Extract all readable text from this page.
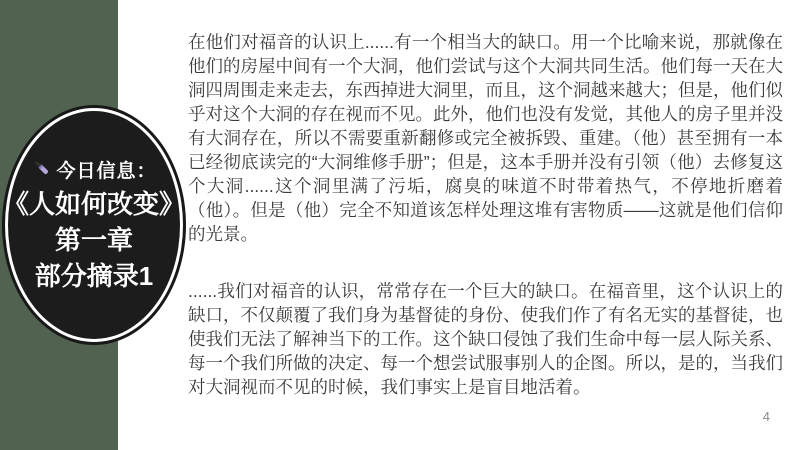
今日信息：
《人如何改变》
第一章
部分摘录1

在他们对福音的认识上......有一个相当大的缺口。用一个比喻来说，那就像在他们的房屋中间有一个大洞，他们尝试与这个大洞共同生活。他们每一天在大洞四周围走来走去，东西掉进大洞里，而且，这个洞越来越大；但是，他们似乎对这个大洞的存在视而不见。此外，他们也没有发觉，其他人的房子里并没有大洞存在，所以不需要重新翻修或完全被拆毁、重建。（他）甚至拥有一本已经彻底读完的“大洞维修手册”；但是，这本手册并没有引领（他）去修复这个大洞......这个洞里满了污垢，腐臭的味道不时带着热气，不停地折磨着（他）。但是（他）完全不知道该怎样处理这堆有害物质——这就是他们信仰的光景。

......我们对福音的认识，常常存在一个巨大的缺口。在福音里，这个认识上的缺口，不仅颠覆了我们身为基督徒的身份、使我们作了有名无实的基督徒，也使我们无法了解神当下的工作。这个缺口侵蚀了我们生命中每一层人际关系、每一个我们所做的决定、每一个想尝试服事别人的企图。所以，是的，当我们对大洞视而不见的时候，我们事实上是盲目地活着。

4
